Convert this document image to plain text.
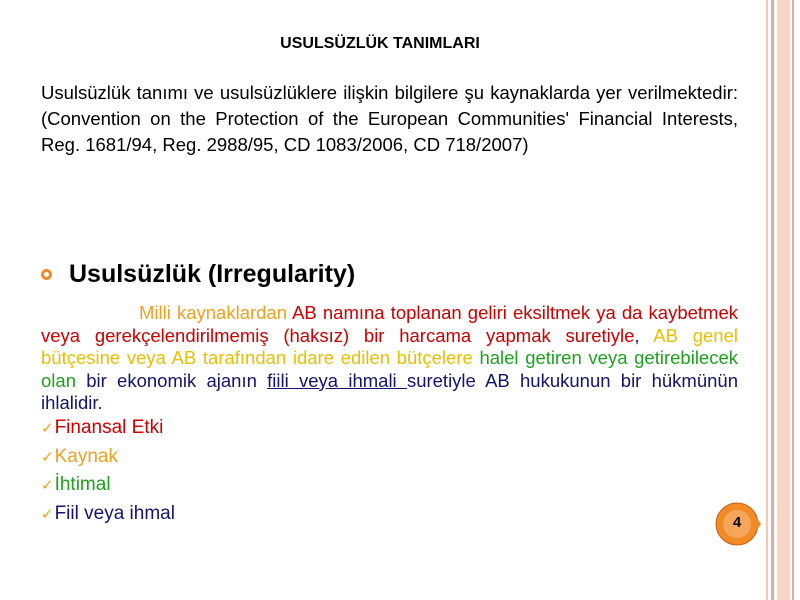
USULSÜZLÜK TANIMLARI

Usulsüzlük tanımı ve usulsüzlüklere ilişkin bilgilere şu kaynaklarda yer verilmektedir: (Convention on the Protection of the European Communities' Financial Interests, Reg. 1681/94, Reg. 2988/95, CD 1083/2006, CD 718/2007)

Usulsüzlük (Irregularity)

Milli kaynaklardan AB namına toplanan geliri eksiltmek ya da kaybetmek veya gerekçelendirilmemiş (haksız) bir harcama yapmak suretiyle, AB genel bütçesine veya AB tarafından idare edilen bütçelere halel getiren veya getirebilecek olan bir ekonomik ajanın fiili veya ihmali suretiyle AB hukukunun bir hükmünün ihlalidir.

✓Finansal Etki
✓Kaynak
✓İhtimal
✓Fiil veya ihmal	4
